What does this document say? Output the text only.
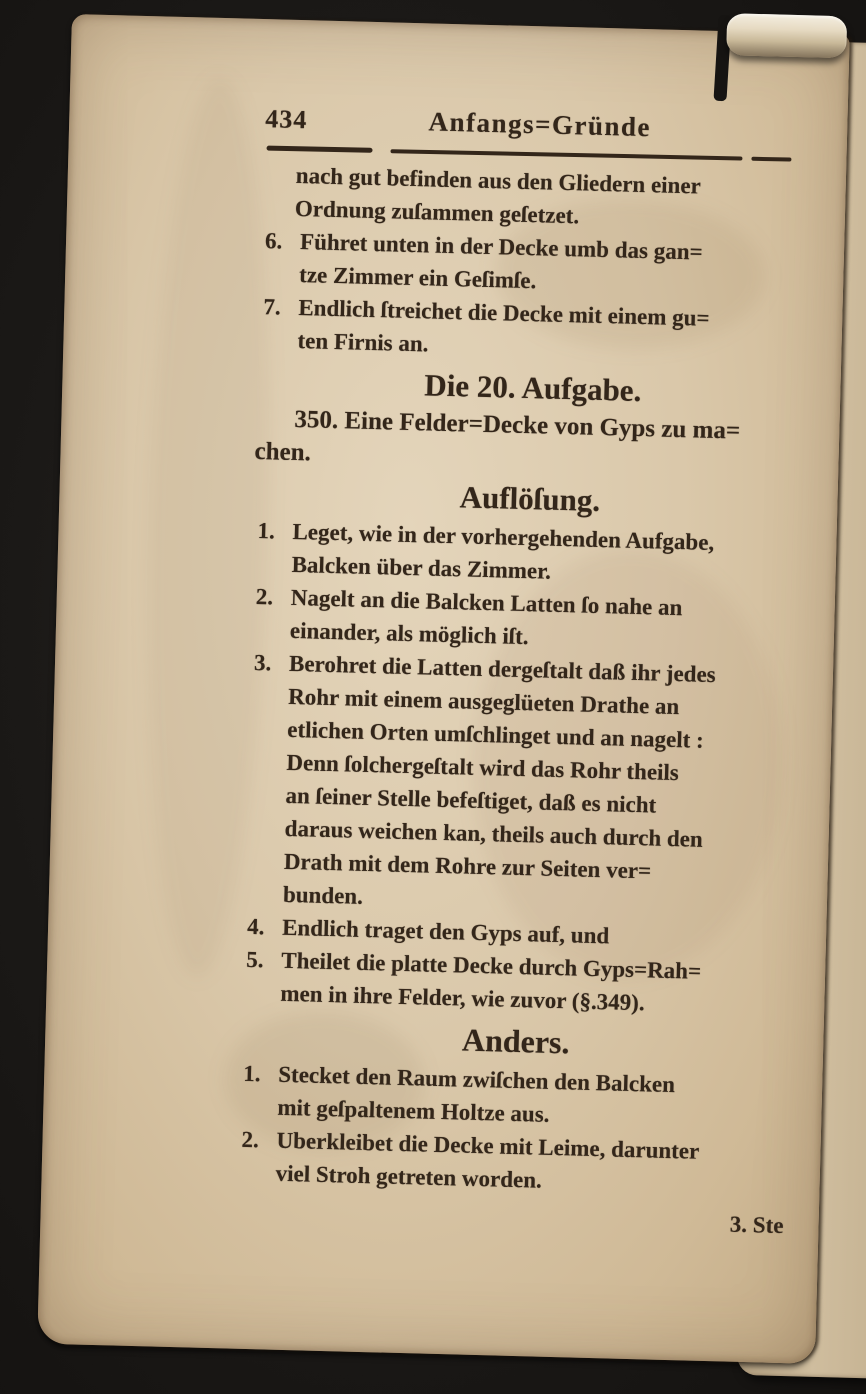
434	Anfangs=Gründe
nach gut befinden aus den Gliedern einer
Ordnung zuſammen geſetzet.
6. Führet unten in der Decke umb das gan=
tze Zimmer ein Geſimſe.
7. Endlich ſtreichet die Decke mit einem gu=
ten Firnis an.
Die 20. Aufgabe.
350. Eine Felder=Decke von Gyps zu ma=
chen.
Auflöſung.
1. Leget, wie in der vorhergehenden Aufgabe,
Balcken über das Zimmer.
2. Nagelt an die Balcken Latten ſo nahe an
einander, als möglich iſt.
3. Berohret die Latten dergeſtalt daß ihr jedes
Rohr mit einem ausgeglüeten Drathe an
etlichen Orten umſchlinget und an nagelt :
Denn ſolchergeſtalt wird das Rohr theils
an ſeiner Stelle befeſtiget, daß es nicht
daraus weichen kan, theils auch durch den
Drath mit dem Rohre zur Seiten ver=
bunden.
4. Endlich traget den Gyps auf, und
5. Theilet die platte Decke durch Gyps=Rah=
men in ihre Felder, wie zuvor (§.349).
Anders.
1. Stecket den Raum zwiſchen den Balcken
mit geſpaltenem Holtze aus.
2. Uberkleibet die Decke mit Leime, darunter
viel Stroh getreten worden.
3. Ste
